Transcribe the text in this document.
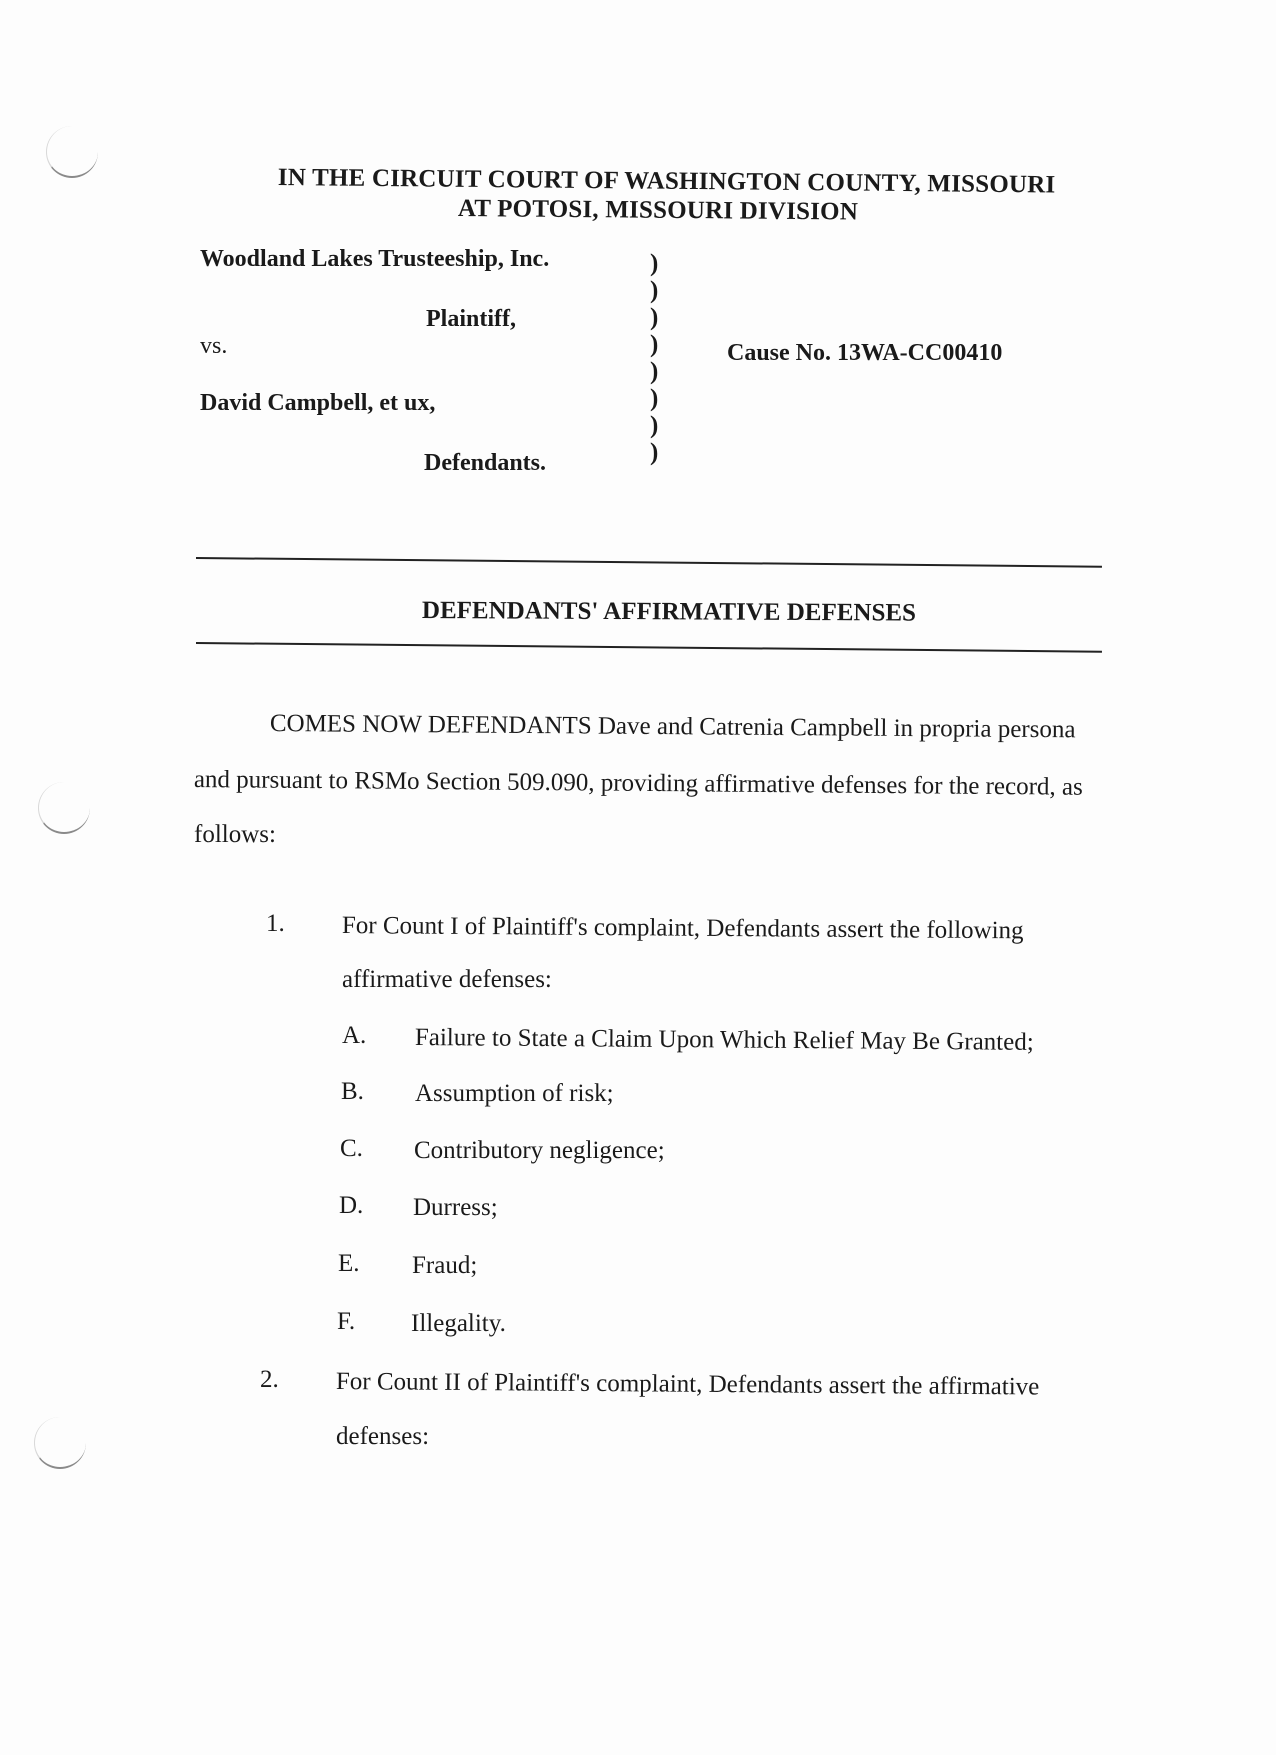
IN THE CIRCUIT COURT OF WASHINGTON COUNTY, MISSOURI
AT POTOSI, MISSOURI DIVISION
Woodland Lakes Trusteeship, Inc.
Plaintiff,
vs.
David Campbell, et ux,
Defendants.
)
)
)
)
)
)
)
)
Cause No. 13WA-CC00410
DEFENDANTS' AFFIRMATIVE DEFENSES
COMES NOW DEFENDANTS Dave and Catrenia Campbell in propria persona
and pursuant to RSMo Section 509.090, providing affirmative defenses for the record, as
follows:
1. For Count I of Plaintiff's complaint, Defendants assert the following
affirmative defenses:
A. Failure to State a Claim Upon Which Relief May Be Granted;
B. Assumption of risk;
C. Contributory negligence;
D. Durress;
E. Fraud;
F. Illegality.
2. For Count II of Plaintiff's complaint, Defendants assert the affirmative
defenses:
